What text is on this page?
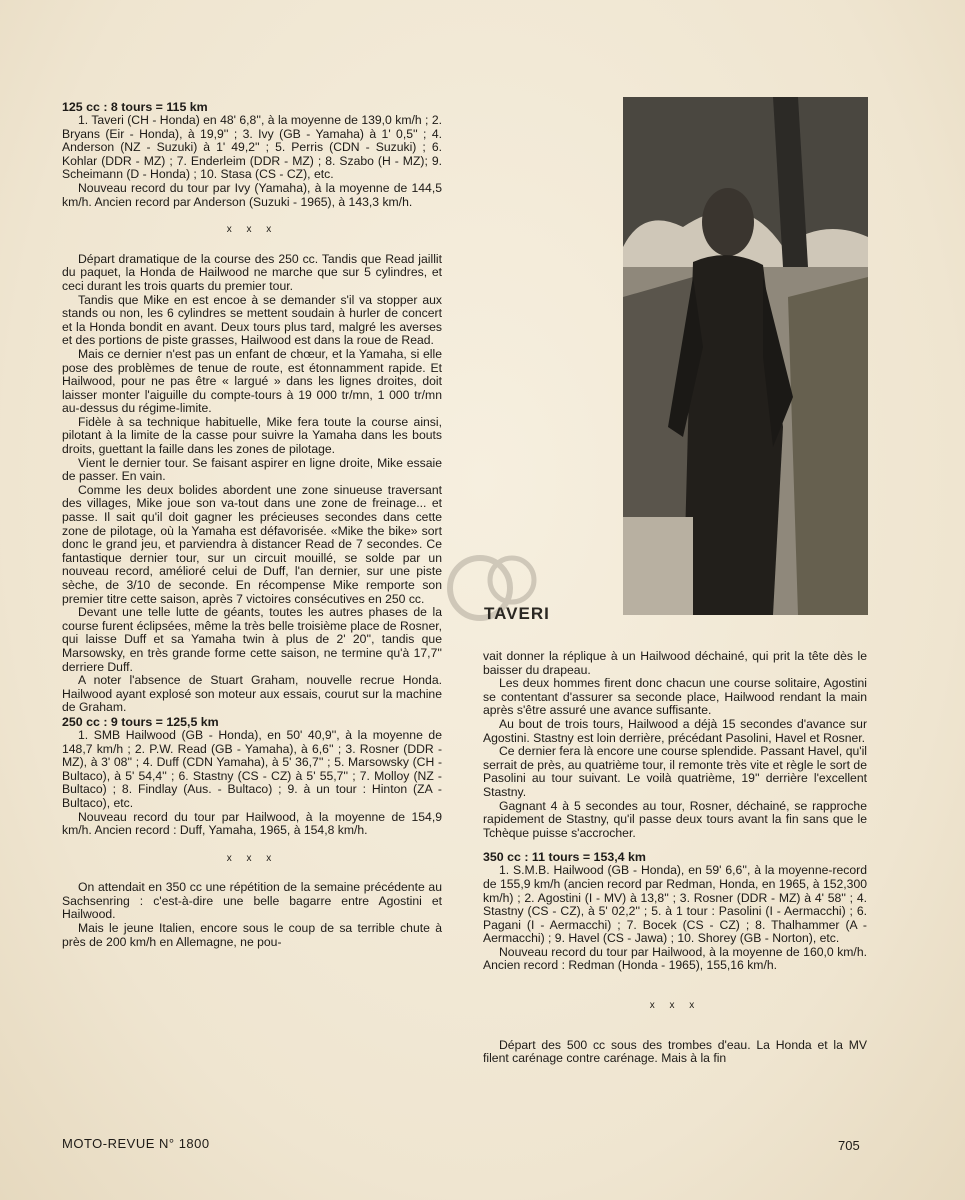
125 cc : 8 tours = 115 km

1. Taveri (CH - Honda) en 48' 6,8'', à la moyenne de 139,0 km/h ; 2. Bryans (Eir - Honda), à 19,9'' ; 3. Ivy (GB - Yamaha) à 1' 0,5'' ; 4. Anderson (NZ - Suzuki) à 1' 49,2'' ; 5. Perris (CDN - Suzuki) ; 6. Kohlar (DDR - MZ) ; 7. Enderleim (DDR - MZ) ; 8. Szabo (H - MZ); 9. Scheimann (D - Honda) ; 10. Stasa (CS - CZ), etc.

Nouveau record du tour par Ivy (Yamaha), à la moyenne de 144,5 km/h. Ancien record par Anderson (Suzuki - 1965), à 143,3 km/h.

x x x

Départ dramatique de la course des 250 cc. Tandis que Read jaillit du paquet, la Honda de Hailwood ne marche que sur 5 cylindres, et ceci durant les trois quarts du premier tour.

Tandis que Mike en est encoe à se demander s'il va stopper aux stands ou non, les 6 cylindres se mettent soudain à hurler de concert et la Honda bondit en avant. Deux tours plus tard, malgré les averses et des portions de piste grasses, Hailwood est dans la roue de Read.

Mais ce dernier n'est pas un enfant de chœur, et la Yamaha, si elle pose des problèmes de tenue de route, est étonnamment rapide. Et Hailwood, pour ne pas être « largué » dans les lignes droites, doit laisser monter l'aiguille du compte-tours à 19 000 tr/mn, 1 000 tr/mn au-dessus du régime-limite.

Fidèle à sa technique habituelle, Mike fera toute la course ainsi, pilotant à la limite de la casse pour suivre la Yamaha dans les bouts droits, guettant la faille dans les zones de pilotage.

Vient le dernier tour. Se faisant aspirer en ligne droite, Mike essaie de passer. En vain.

Comme les deux bolides abordent une zone sinueuse traversant des villages, Mike joue son va-tout dans une zone de freinage... et passe. Il sait qu'il doit gagner les précieuses secondes dans cette zone de pilotage, où la Yamaha est défavorisée. «Mike the bike» sort donc le grand jeu, et parviendra à distancer Read de 7 secondes. Ce fantastique dernier tour, sur un circuit mouillé, se solde par un nouveau record, amélioré celui de Duff, l'an dernier, sur une piste sèche, de 3/10 de seconde. En récompense Mike remporte son premier titre cette saison, après 7 victoires consécutives en 250 cc.

Devant une telle lutte de géants, toutes les autres phases de la course furent éclipsées, même la très belle troisième place de Rosner, qui laisse Duff et sa Yamaha twin à plus de 2' 20'', tandis que Marsowsky, en très grande forme cette saison, ne termine qu'à 17,7'' derriere Duff.

A noter l'absence de Stuart Graham, nouvelle recrue Honda. Hailwood ayant explosé son moteur aux essais, courut sur la machine de Graham.

250 cc : 9 tours = 125,5 km

1. SMB Hailwood (GB - Honda), en 50' 40,9'', à la moyenne de 148,7 km/h ; 2. P.W. Read (GB - Yamaha), à 6,6'' ; 3. Rosner (DDR - MZ), à 3' 08'' ; 4. Duff (CDN Yamaha), à 5' 36,7'' ; 5. Marsowsky (CH - Bultaco), à 5' 54,4'' ; 6. Stastny (CS - CZ) à 5' 55,7'' ; 7. Molloy (NZ - Bultaco) ; 8. Findlay (Aus. - Bultaco) ; 9. à un tour : Hinton (ZA - Bultaco), etc.

Nouveau record du tour par Hailwood, à la moyenne de 154,9 km/h. Ancien record : Duff, Yamaha, 1965, à 154,8 km/h.

x x x

On attendait en 350 cc une répétition de la semaine précédente au Sachsenring : c'est-à-dire une belle bagarre entre Agostini et Hailwood.

Mais le jeune Italien, encore sous le coup de sa terrible chute à près de 200 km/h en Allemagne, ne pou-

TAVERI

vait donner la réplique à un Hailwood déchainé, qui prit la tête dès le baisser du drapeau.

Les deux hommes firent donc chacun une course solitaire, Agostini se contentant d'assurer sa seconde place, Hailwood rendant la main après s'être assuré une avance suffisante.

Au bout de trois tours, Hailwood a déjà 15 secondes d'avance sur Agostini. Stastny est loin derrière, précédant Pasolini, Havel et Rosner.

Ce dernier fera là encore une course splendide. Passant Havel, qu'il serrait de près, au quatrième tour, il remonte très vite et règle le sort de Pasolini au tour suivant. Le voilà quatrième, 19'' derrière l'excellent Stastny.

Gagnant 4 à 5 secondes au tour, Rosner, déchainé, se rapproche rapidement de Stastny, qu'il passe deux tours avant la fin sans que le Tchèque puisse s'accrocher.

350 cc : 11 tours = 153,4 km

1. S.M.B. Hailwood (GB - Honda), en 59' 6,6'', à la moyenne-record de 155,9 km/h (ancien record par Redman, Honda, en 1965, à 152,300 km/h) ; 2. Agostini (I - MV) à 13,8'' ; 3. Rosner (DDR - MZ) à 4' 58'' ; 4. Stastny (CS - CZ), à 5' 02,2'' ; 5. à 1 tour : Pasolini (I - Aermacchi) ; 6. Pagani (I - Aermacchi) ; 7. Bocek (CS - CZ) ; 8. Thalhammer (A - Aermacchi) ; 9. Havel (CS - Jawa) ; 10. Shorey (GB - Norton), etc.

Nouveau record du tour par Hailwood, à la moyenne de 160,0 km/h. Ancien record : Redman (Honda - 1965), 155,16 km/h.

x x x

Départ des 500 cc sous des trombes d'eau. La Honda et la MV filent carénage contre carénage. Mais à la fin

MOTO-REVUE N° 1800	705
